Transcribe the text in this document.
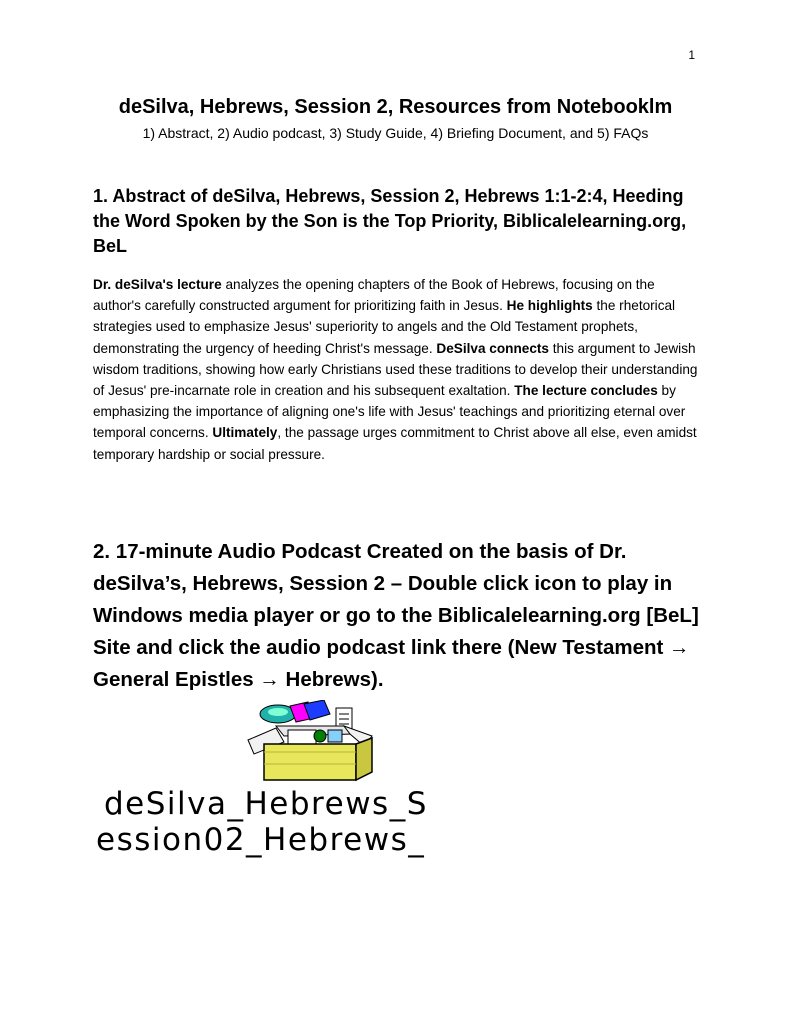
1
deSilva, Hebrews, Session 2, Resources from Notebooklm
1) Abstract, 2) Audio podcast, 3) Study Guide, 4) Briefing Document, and 5) FAQs
1. Abstract of deSilva, Hebrews, Session 2, Hebrews 1:1-2:4, Heeding the Word Spoken by the Son is the Top Priority, Biblicalelearning.org, BeL
Dr. deSilva's lecture analyzes the opening chapters of the Book of Hebrews, focusing on the author's carefully constructed argument for prioritizing faith in Jesus. He highlights the rhetorical strategies used to emphasize Jesus' superiority to angels and the Old Testament prophets, demonstrating the urgency of heeding Christ's message. DeSilva connects this argument to Jewish wisdom traditions, showing how early Christians used these traditions to develop their understanding of Jesus' pre-incarnate role in creation and his subsequent exaltation. The lecture concludes by emphasizing the importance of aligning one's life with Jesus' teachings and prioritizing eternal over temporal concerns. Ultimately, the passage urges commitment to Christ above all else, even amidst temporary hardship or social pressure.
2. 17-minute Audio Podcast Created on the basis of Dr. deSilva’s, Hebrews, Session 2 – Double click icon to play in Windows media player or go to the Biblicalelearning.org [BeL] Site and click the audio podcast link there (New Testament → General Epistles → Hebrews).
deSilva_Hebrews_S
ession02_Hebrews_
